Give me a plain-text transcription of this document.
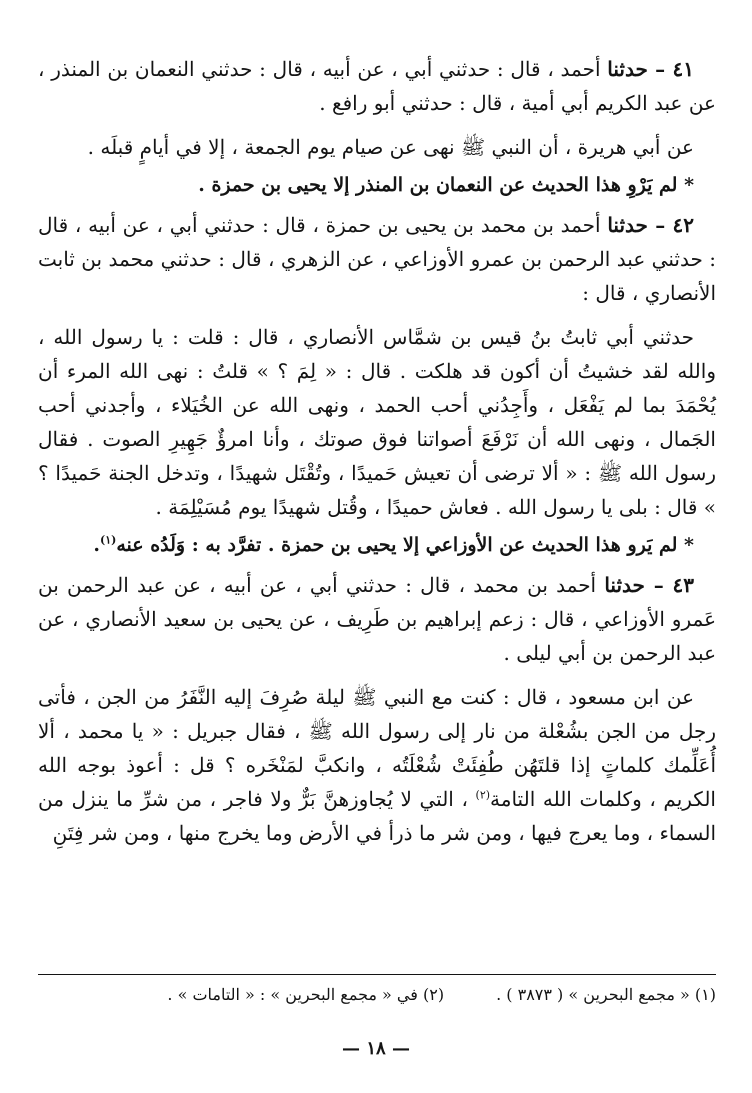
٤١ – حدثنا أحمد ، قال : حدثني أبي ، عن أبيه ، قال : حدثني النعمان بن المنذر ، عن عبد الكريم أبي أمية ، قال : حدثني أبو رافع .

عن أبي هريرة ، أن النبي ﷺ نهى عن صيام يوم الجمعة ، إلا في أيامٍ قبلَه .

* لم يَرْوِ هذا الحديث عن النعمان بن المنذر إلا يحيى بن حمزة .

٤٢ – حدثنا أحمد بن محمد بن يحيى بن حمزة ، قال : حدثني أبي ، عن أبيه ، قال : حدثني عبد الرحمن بن عمرو الأوزاعي ، عن الزهري ، قال : حدثني محمد بن ثابت الأنصاري ، قال :

حدثني أبي ثابتُ بنُ قيس بن شمَّاس الأنصاري ، قال : قلت : يا رسول الله ، والله لقد خشيتُ أن أكون قد هلكت . قال : « لِمَ ؟ » قلتُ : نهى الله المرء أن يُحْمَدَ بما لم يَفْعَل ، وأَجِدُني أحب الحمد ، ونهى الله عن الخُيَلاء ، وأجدني أحب الجَمال ، ونهى الله أن نَرْفَعَ أصواتنا فوق صوتك ، وأنا امرؤٌ جَهِيرِ الصوت . فقال رسول الله ﷺ : « ألا ترضى أن تعيش حَميدًا ، وتُقْتَل شهيدًا ، وتدخل الجنة حَميدًا ؟ » قال : بلى يا رسول الله . فعاش حميدًا ، وقُتل شهيدًا يوم مُسَيْلِمَة .

* لم يَرو هذا الحديث عن الأوزاعي إلا يحيى بن حمزة . تفرَّد به : وَلَدُه عنه$^{(١)}$.

٤٣ – حدثنا أحمد بن محمد ، قال : حدثني أبي ، عن أبيه ، عن عبد الرحمن بن عَمرو الأوزاعي ، قال : زعم إبراهيم بن طَرِيف ، عن يحيى بن سعيد الأنصاري ، عن عبد الرحمن بن أبي ليلى .

عن ابن مسعود ، قال : كنت مع النبي ﷺ ليلة صُرِفَ إليه النَّفَرُ من الجن ، فأتى رجل من الجن بشُعْلة من نار إلى رسول الله ﷺ ، فقال جبريل : « يا محمد ، ألا أُعَلِّمك كلماتٍ إذا قلتَهُن طُفِئَتْ شُعْلَتُه ، وانكبَّ لمَنْخَره ؟ قل : أعوذ بوجه الله الكريم ، وكلمات الله التامة$^{(٢)}$ ، التي لا يُجاوزهنَّ بَرٌّ ولا فاجر ، من شرِّ ما ينزل من السماء ، وما يعرج فيها ، ومن شر ما ذرأ في الأرض وما يخرج منها ، ومن شر فِتَنِ

(١) « مجمع البحرين » ( ٣٨٧٣ ) .
(٢) في « مجمع البحرين » : « التامات » .
— ١٨ —
